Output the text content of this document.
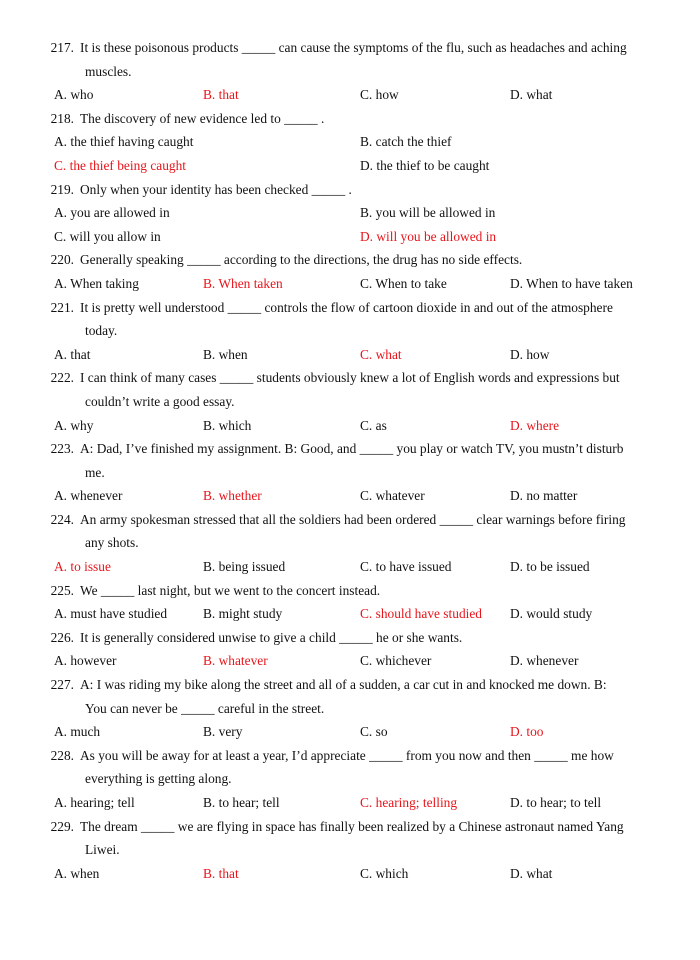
217. It is these poisonous products _____ can cause the symptoms of the flu, such as headaches and aching
muscles.
A. who	B. that	C. how	D. what
218. The discovery of new evidence led to _____ .
A. the thief having caught	B. catch the thief
C. the thief being caught	D. the thief to be caught
219. Only when your identity has been checked _____ .
A. you are allowed in	B. you will be allowed in
C. will you allow in	D. will you be allowed in
220. Generally speaking _____ according to the directions, the drug has no side effects.
A. When taking	B. When taken	C. When to take	D. When to have taken
221. It is pretty well understood _____ controls the flow of cartoon dioxide in and out of the atmosphere
today.
A. that	B. when	C. what	D. how
222. I can think of many cases _____ students obviously knew a lot of English words and expressions but
couldn’t write a good essay.
A. why	B. which	C. as	D. where
223. A: Dad, I’ve finished my assignment. B: Good, and _____ you play or watch TV, you mustn’t disturb
me.
A. whenever	B. whether	C. whatever	D. no matter
224. An army spokesman stressed that all the soldiers had been ordered _____ clear warnings before firing
any shots.
A. to issue	B. being issued	C. to have issued	D. to be issued
225. We _____ last night, but we went to the concert instead.
A. must have studied	B. might study	C. should have studied D. would study
226. It is generally considered unwise to give a child _____ he or she wants.
A. however	B. whatever	C. whichever	D. whenever
227. A: I was riding my bike along the street and all of a sudden, a car cut in and knocked me down. B:
You can never be _____ careful in the street.
A. much	B. very	C. so	D. too
228. As you will be away for at least a year, I’d appreciate _____ from you now and then _____ me how
everything is getting along.
A. hearing; tell	B. to hear; tell	C. hearing; telling	D. to hear; to tell
229. The dream _____ we are flying in space has finally been realized by a Chinese astronaut named Yang
Liwei.
A. when	B. that	C. which	D. what
